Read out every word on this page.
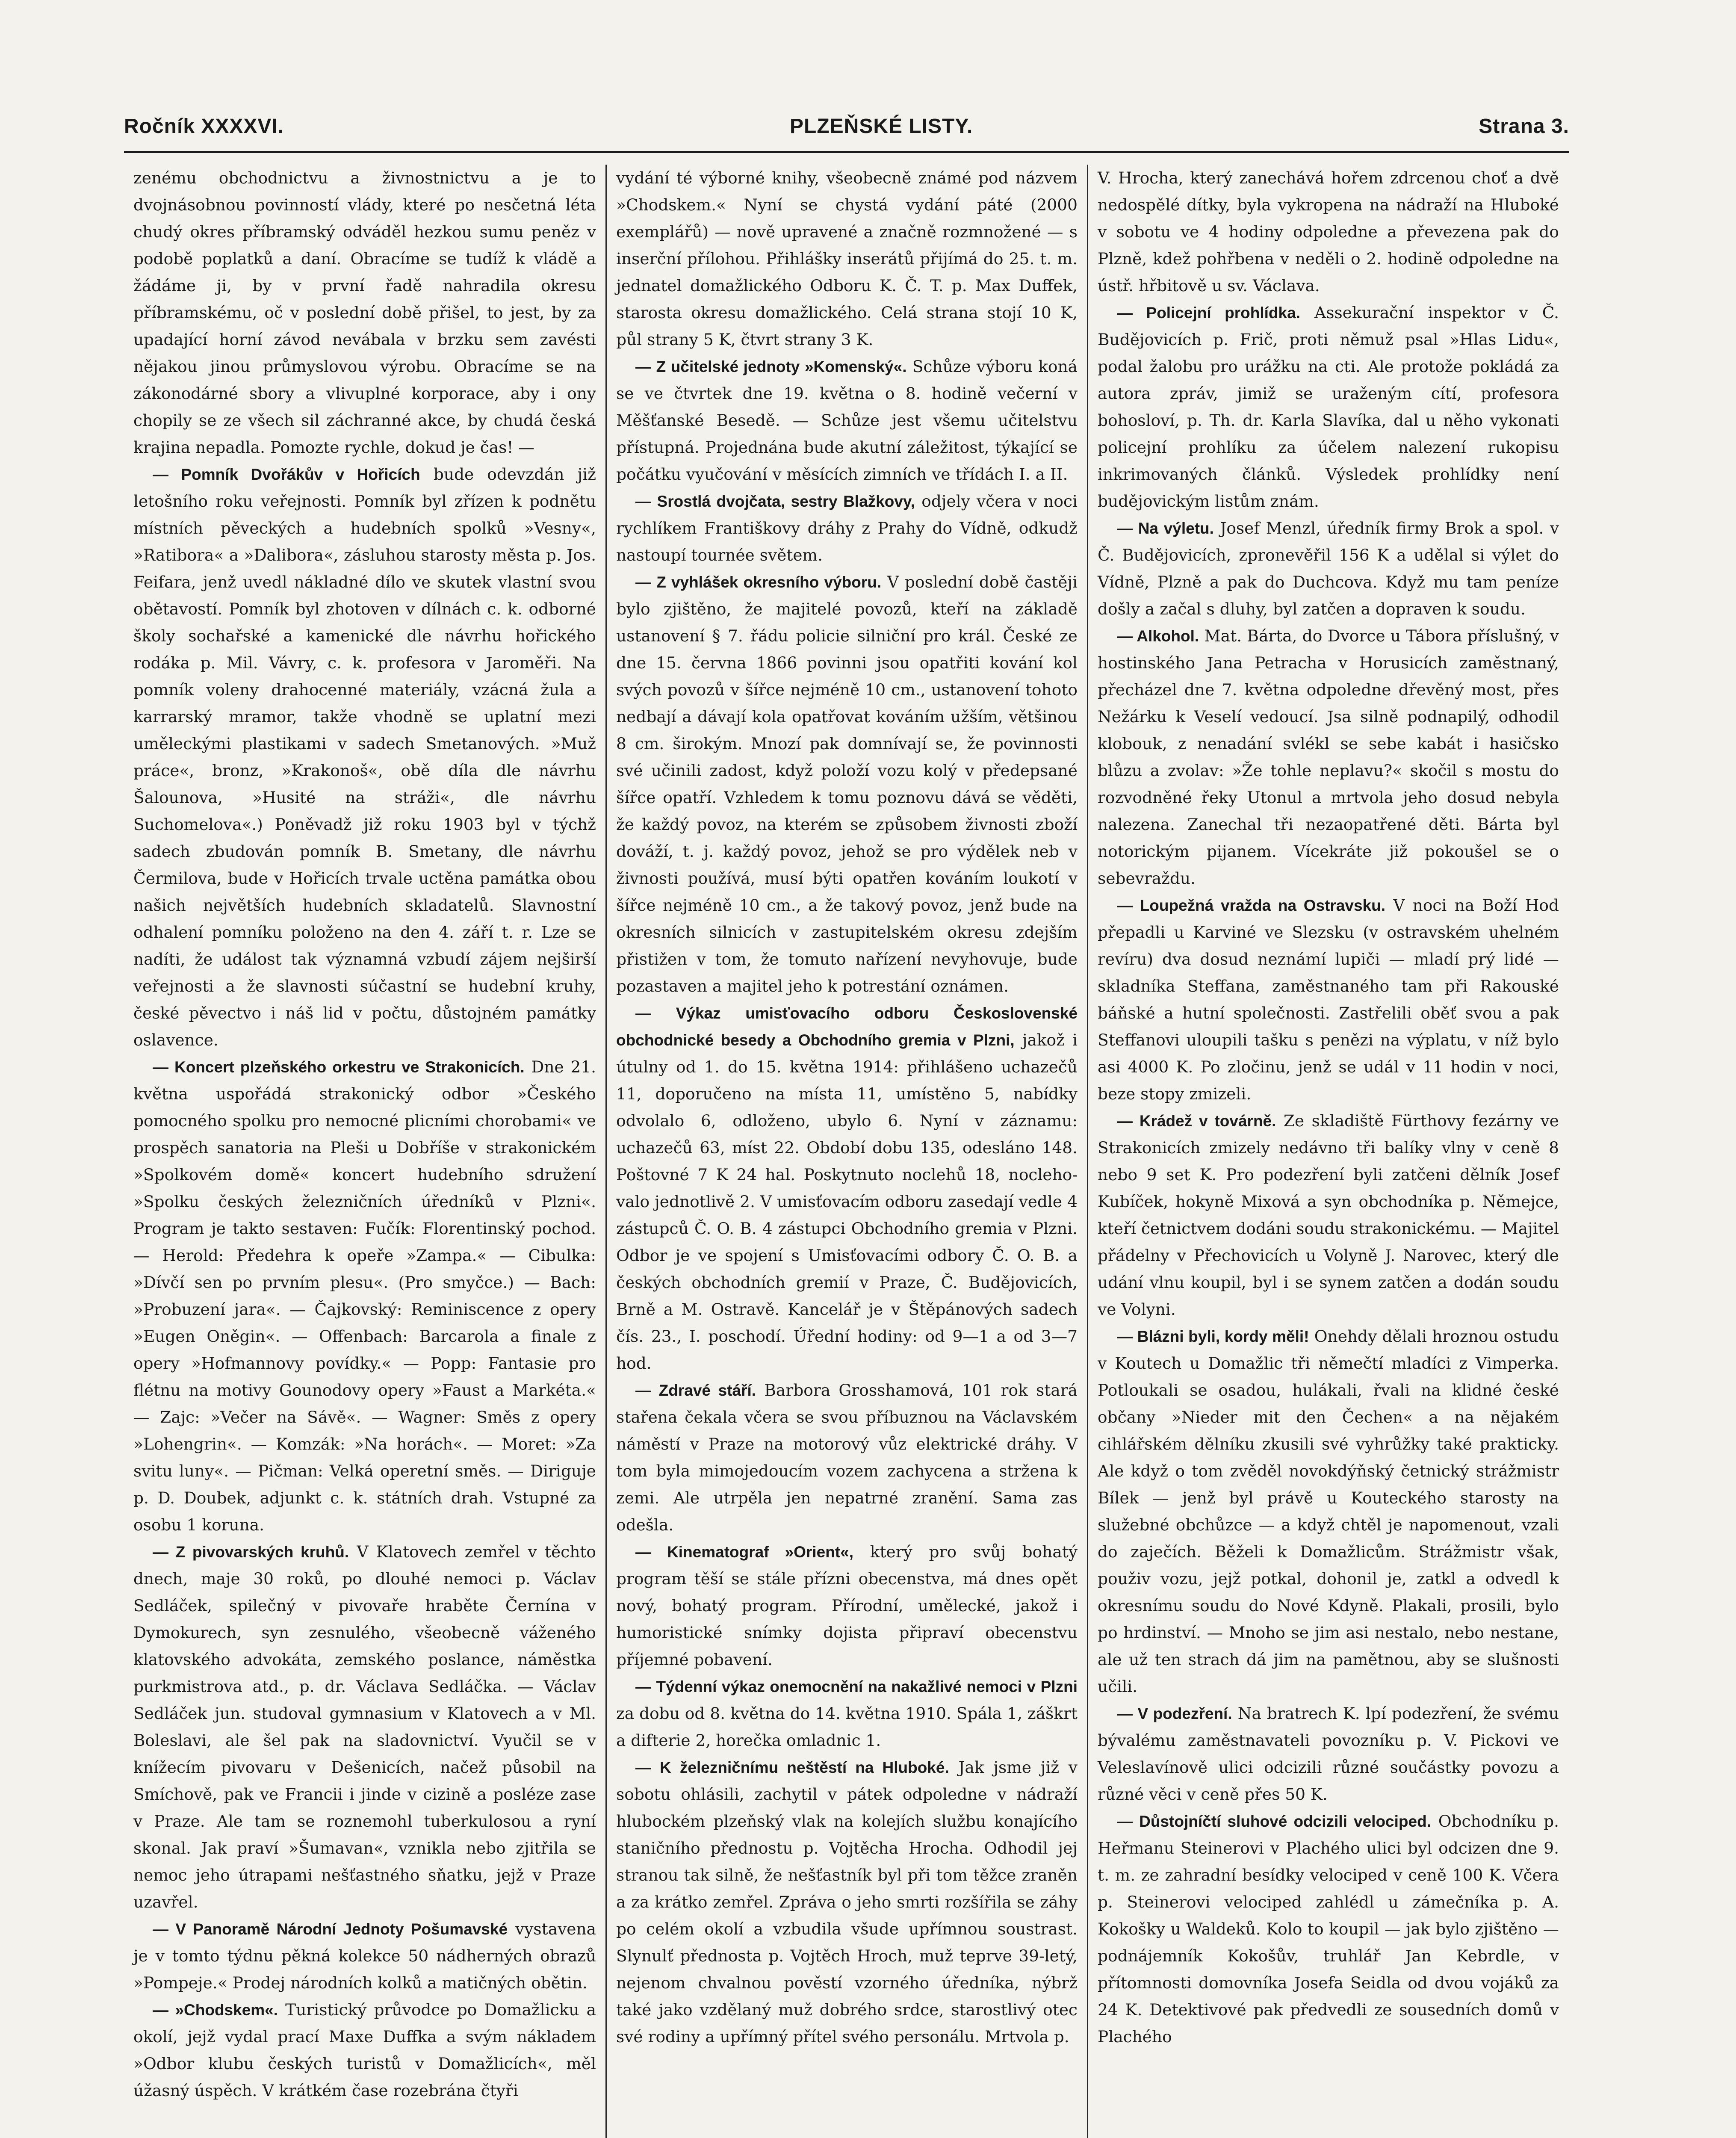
Ročník XXXXVI.	PLZEŇSKÉ LISTY.	Strana 3.

zenému obchodnictvu a živnostnictvu a je to dvojnásobnou povinností vlády, které po nesčetná léta chudý okres příbramský odváděl hezkou sumu peněz v podobě poplatků a daní. Obracíme se tudíž k vládě a žádáme ji, by v první řadě nahradila okresu příbramskému, oč v poslední době přišel, to jest, by za upadající horní závod nevábala v brzku sem zavésti nějakou jinou průmyslovou výrobu. Obracíme se na zákonodárné sbory a vlivuplné korporace, aby i ony chopily se ze všech sil záchranné akce, by chudá česká krajina nepadla. Pomozte rychle, dokud je čas! —

— Pomník Dvořákův v Hořicích bude odevzdán již letošního roku veřejnosti. Pomník byl zřízen k podnětu místních pěveckých a hudebních spolků »Vesny«, »Ratibora« a »Dalibora«, zásluhou starosty města p. Jos. Feifara, jenž uvedl nákladné dílo ve skutek vlastní svou obětavostí. Pomník byl zhotoven v dílnách c. k. odborné školy sochařské a kamenické dle návrhu hořického rodáka p. Mil. Vávry, c. k. profesora v Jaroměři. Na pomník voleny drahocenné materiály, vzácná žula a karrarský mramor, takže vhodně se uplatní mezi uměleckými plastikami v sadech Smetanových. »Muž práce«, bronz, »Krakonoš«, obě díla dle návrhu Šalounova, »Husité na stráži«, dle návrhu Suchomelova«.) Poněvadž již roku 1903 byl v týchž sadech zbudován pomník B. Smetany, dle návrhu Čermilova, bude v Hořicích trvale uctěna památka obou našich největších hudebních skladatelů. Slavnostní odhalení pomníku položeno na den 4. září t. r. Lze se nadíti, že událost tak významná vzbudí zájem nejširší veřejnosti a že slavnosti súčastní se hudební kruhy, české pěvectvo i náš lid v počtu, důstojném památky oslavence.

— Koncert plzeňského orkestru ve Strakonicích. Dne 21. května uspořádá strakonický odbor »Českého pomocného spolku pro nemocné plicními chorobami« ve prospěch sanatoria na Pleši u Dobříše v strakonickém »Spolkovém domě« koncert hudebního sdružení »Spolku českých železničních úředníků v Plzni«. Program je takto sestaven: Fučík: Florentinský pochod. — Herold: Předehra k opeře »Zampa.« — Cibulka: »Dívčí sen po prvním plesu«. (Pro smyčce.) — Bach: »Probuzení jara«. — Čajkovský: Reminiscence z opery »Eugen Oněgin«. — Offenbach: Barcarola a finale z opery »Hofmannovy povídky.« — Popp: Fantasie pro flétnu na motivy Gounodovy opery »Faust a Markéta.« — Zajc: »Večer na Sávě«. — Wagner: Směs z opery »Lohengrin«. — Komzák: »Na horách«. — Moret: »Za svitu luny«. — Pičman: Velká operetní směs. — Diriguje p. D. Doubek, adjunkt c. k. státních drah. Vstupné za osobu 1 koruna.

— Z pivovarských kruhů. V Klatovech zemřel v těchto dnech, maje 30 roků, po dlouhé nemoci p. Václav Sedláček, spilečný v pivovaře hraběte Černína v Dymokurech, syn zesnulého, všeobecně váženého klatovského advokáta, zemského poslance, náměstka purkmistrova atd., p. dr. Václava Sedláčka. — Václav Sedláček jun. studoval gymnasium v Klatovech a v Ml. Boleslavi, ale šel pak na sladovnictví. Vyučil se v knížecím pivovaru v Dešenicích, načež působil na Smíchově, pak ve Francii i jinde v cizině a posléze zase v Praze. Ale tam se roznemohl tuberkulosou a ryní skonal. Jak praví »Šumavan«, vznikla nebo zjitřila se nemoc jeho útrapami nešťastného sňatku, jejž v Praze uzavřel.

— V Panoramě Národní Jednoty Pošumavské vystavena je v tomto týdnu pěkná kolekce 50 nádherných obrazů »Pompeje.« Prodej národních kolků a matičných obětin.

— »Chodskem«. Turistický průvodce po Domažlicku a okolí, jejž vydal prací Maxe Duffka a svým nákladem »Odbor klubu českých turistů v Domažlicích«, měl úžasný úspěch. V krátkém čase rozebrána čtyři

vydání té výborné knihy, všeobecně známé pod názvem »Chodskem.« Nyní se chystá vydání páté (2000 exemplářů) — nově upravené a značně rozmnožené — s inserční přílohou. Přihlášky inserátů přijímá do 25. t. m. jednatel domažlického Odboru K. Č. T. p. Max Duffek, starosta okresu domažlického. Celá strana stojí 10 K, půl strany 5 K, čtvrt strany 3 K.

— Z učitelské jednoty »Komenský«. Schůze výboru koná se ve čtvrtek dne 19. května o 8. hodině večerní v Měšťanské Besedě. — Schůze jest všemu učitelstvu přístupná. Projednána bude akutní záležitost, týkající se počátku vyučování v měsících zimních ve třídách I. a II.

— Srostlá dvojčata, sestry Blažkovy, odjely včera v noci rychlíkem Františkovy dráhy z Prahy do Vídně, odkudž nastoupí tournée světem.

— Z vyhlášek okresního výboru. V poslední době častěji bylo zjištěno, že majitelé povozů, kteří na základě ustanovení § 7. řádu policie silniční pro král. České ze dne 15. června 1866 povinni jsou opatřiti kování kol svých povozů v šířce nejméně 10 cm., ustanovení tohoto nedbají a dávají kola opatřovat kováním užším, většinou 8 cm. širokým. Mnozí pak domnívají se, že povinnosti své učinili zadost, když položí vozu kolý v předepsané šířce opatří. Vzhledem k tomu poznovu dává se věděti, že každý povoz, na kterém se způsobem živnosti zboží dováží, t. j. každý povoz, jehož se pro výdělek neb v živnosti používá, musí býti opatřen kováním loukotí v šířce nejméně 10 cm., a že takový povoz, jenž bude na okresních silnicích v zastupitelském okresu zdejším přistižen v tom, že tomuto nařízení nevyhovuje, bude pozastaven a majitel jeho k potrestání oznámen.

— Výkaz umisťovacího odboru Československé obchodnické besedy a Obchodního gremia v Plzni, jakož i útulny od 1. do 15. května 1914: přihlášeno uchazečů 11, doporučeno na místa 11, umístěno 5, nabídky odvolalo 6, odloženo, ubylo 6. Nyní v záznamu: uchazečů 63, míst 22. Období dobu 135, odesláno 148. Poštovné 7 K 24 hal. Poskytnuto noclehů 18, noclehovalo jednotlivě 2. V umisťovacím odboru zasedají vedle 4 zástupců Č. O. B. 4 zástupci Obchodního gremia v Plzni. Odbor je ve spojení s Umisťovacími odbory Č. O. B. a českých obchodních gremií v Praze, Č. Budějovicích, Brně a M. Ostravě. Kancelář je v Štěpánových sadech čís. 23., I. poschodí. Úřední hodiny: od 9—1 a od 3—7 hod.

— Zdravé stáří. Barbora Grosshamová, 101 rok stará stařena čekala včera se svou příbuznou na Václavském náměstí v Praze na motorový vůz elektrické dráhy. V tom byla mimojedoucím vozem zachycena a stržena k zemi. Ale utrpěla jen nepatrné zranění. Sama zas odešla.

— Kinematograf »Orient«, který pro svůj bohatý program těší se stále přízni obecenstva, má dnes opět nový, bohatý program. Přírodní, umělecké, jakož i humoristické snímky dojista připraví obecenstvu příjemné pobavení.

— Týdenní výkaz onemocnění na nakažlivé nemoci v Plzni za dobu od 8. května do 14. května 1910. Spála 1, záškrt a difterie 2, horečka omladnic 1.

— K železničnímu neštěstí na Hluboké. Jak jsme již v sobotu ohlásili, zachytil v pátek odpoledne v nádraží hlubockém plzeňský vlak na kolejích službu konajícího staničního přednostu p. Vojtěcha Hrocha. Odhodil jej stranou tak silně, že nešťastník byl při tom těžce zraněn a za krátko zemřel. Zpráva o jeho smrti rozšířila se záhy po celém okolí a vzbudila všude upřímnou soustrast. Slynulť přednosta p. Vojtěch Hroch, muž teprve 39-letý, nejenom chvalnou pověstí vzorného úředníka, nýbrž také jako vzdělaný muž dobrého srdce, starostlivý otec své rodiny a upřímný přítel svého personálu. Mrtvola p.

V. Hrocha, který zanechává hořem zdrcenou choť a dvě nedospělé dítky, byla vykropena na nádraží na Hluboké v sobotu ve 4 hodiny odpoledne a převezena pak do Plzně, kdež pohřbena v neděli o 2. hodině odpoledne na ústř. hřbitově u sv. Václava.

— Policejní prohlídka. Assekurační inspektor v Č. Budějovicích p. Frič, proti němuž psal »Hlas Lidu«, podal žalobu pro urážku na cti. Ale protože pokládá za autora zpráv, jimiž se uraženým cítí, profesora bohosloví, p. Th. dr. Karla Slavíka, dal u něho vykonati policejní prohlíku za účelem nalezení rukopisu inkrimovaných článků. Výsledek prohlídky není budějovickým listům znám.

— Na výletu. Josef Menzl, úředník firmy Brok a spol. v Č. Budějovicích, zpronevěřil 156 K a udělal si výlet do Vídně, Plzně a pak do Duchcova. Když mu tam peníze došly a začal s dluhy, byl zatčen a dopraven k soudu.

— Alkohol. Mat. Bárta, do Dvorce u Tábora příslušný, v hostinského Jana Petracha v Horusicích zaměstnaný, přecházel dne 7. května odpoledne dřevěný most, přes Nežárku k Veselí vedoucí. Jsa silně podnapilý, odhodil klobouk, z nenadání svlékl se sebe kabát i hasičsko blůzu a zvolav: »Že tohle neplavu?« skočil s mostu do rozvodněné řeky Utonul a mrtvola jeho dosud nebyla nalezena. Zanechal tři nezaopatřené děti. Bárta byl notorickým pijanem. Vícekráte již pokoušel se o sebevraždu.

— Loupežná vražda na Ostravsku. V noci na Boží Hod přepadli u Karviné ve Slezsku (v ostravském uhelném revíru) dva dosud neznámí lupiči — mladí prý lidé — skladníka Steffana, zaměstnaného tam při Rakouské báňské a hutní společnosti. Zastřelili oběť svou a pak Steffanovi uloupili tašku s penězi na výplatu, v níž bylo asi 4000 K. Po zločinu, jenž se udál v 11 hodin v noci, beze stopy zmizeli.

— Krádež v továrně. Ze skladiště Fürthovy fezárny ve Strakonicích zmizely nedávno tři balíky vlny v ceně 8 nebo 9 set K. Pro podezření byli zatčeni dělník Josef Kubíček, hokyně Mixová a syn obchodníka p. Němejce, kteří četnictvem dodáni soudu strakonickému. — Majitel přádelny v Přechovicích u Volyně J. Narovec, který dle udání vlnu koupil, byl i se synem zatčen a dodán soudu ve Volyni.

— Blázni byli, kordy měli! Onehdy dělali hroznou ostudu v Koutech u Domažlic tři němečtí mladíci z Vimperka. Potloukali se osadou, hulákali, řvali na klidné české občany »Nieder mit den Čechen« a na nějakém cihlářském dělníku zkusili své vyhrůžky také prakticky. Ale když o tom zvěděl novokdýňský četnický strážmistr Bílek — jenž byl právě u Kouteckého starosty na služebné obchůzce — a když chtěl je napomenout, vzali do zaječích. Běželi k Domažlicům. Strážmistr však, použiv vozu, jejž potkal, dohonil je, zatkl a odvedl k okresnímu soudu do Nové Kdyně. Plakali, prosili, bylo po hrdinství. — Mnoho se jim asi nestalo, nebo nestane, ale už ten strach dá jim na pamětnou, aby se slušnosti učili.

— V podezření. Na bratrech K. lpí podezření, že svému bývalému zaměstnavateli povozníku p. V. Pickovi ve Veleslavínově ulici odcizili různé součástky povozu a různé věci v ceně přes 50 K.

— Důstojníčtí sluhové odcizili velociped. Obchodníku p. Heřmanu Steinerovi v Plachého ulici byl odcizen dne 9. t. m. ze zahradní besídky velociped v ceně 100 K. Včera p. Steinerovi velociped zahlédl u zámečníka p. A. Kokošky u Waldeků. Kolo to koupil — jak bylo zjištěno — podnájemník Kokošův, truhlář Jan Kebrdle, v přítomnosti domovníka Josefa Seidla od dvou vojáků za 24 K. Detektivové pak předvedli ze sousedních domů v Plachého
